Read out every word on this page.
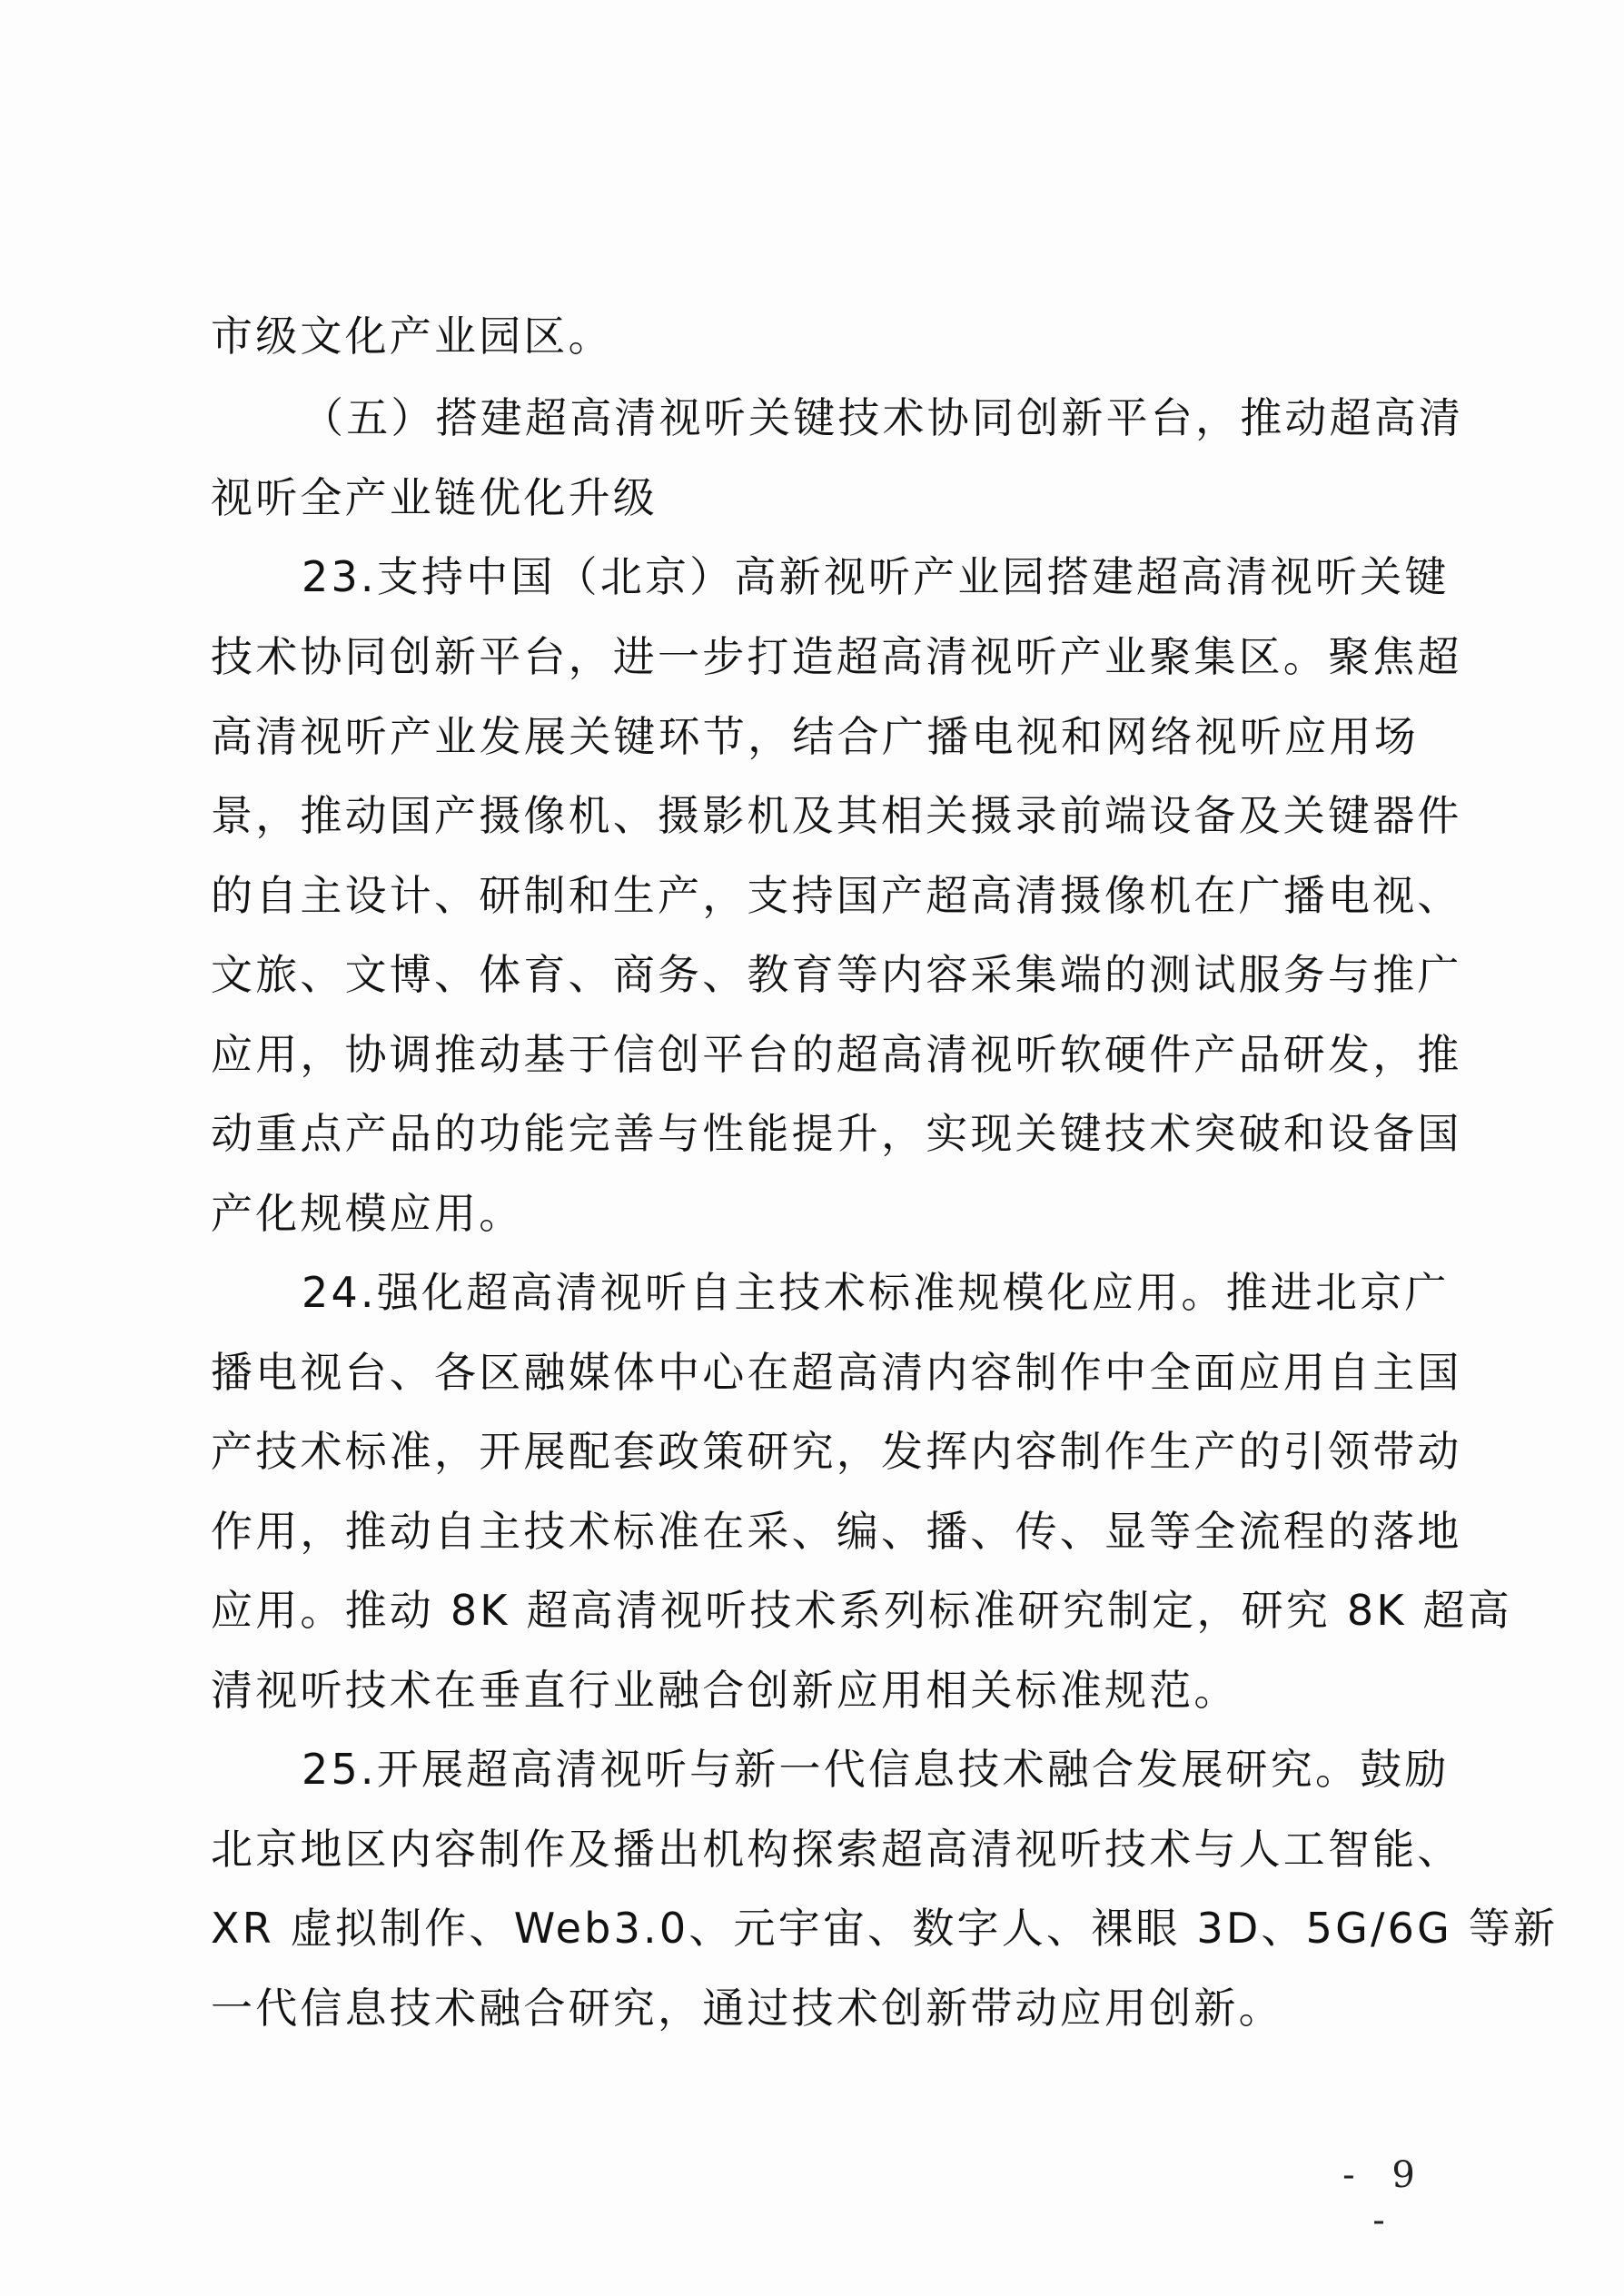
市级文化产业园区。
（五）搭建超高清视听关键技术协同创新平台，推动超高清
视听全产业链优化升级
23.支持中国（北京）高新视听产业园搭建超高清视听关键
技术协同创新平台，进一步打造超高清视听产业聚集区。聚焦超
高清视听产业发展关键环节，结合广播电视和网络视听应用场
景，推动国产摄像机、摄影机及其相关摄录前端设备及关键器件
的自主设计、研制和生产，支持国产超高清摄像机在广播电视、
文旅、文博、体育、商务、教育等内容采集端的测试服务与推广
应用，协调推动基于信创平台的超高清视听软硬件产品研发，推
动重点产品的功能完善与性能提升，实现关键技术突破和设备国
产化规模应用。
24.强化超高清视听自主技术标准规模化应用。推进北京广
播电视台、各区融媒体中心在超高清内容制作中全面应用自主国
产技术标准，开展配套政策研究，发挥内容制作生产的引领带动
作用，推动自主技术标准在采、编、播、传、显等全流程的落地
应用。推动 8K 超高清视听技术系列标准研究制定，研究 8K 超高
清视听技术在垂直行业融合创新应用相关标准规范。
25.开展超高清视听与新一代信息技术融合发展研究。鼓励
北京地区内容制作及播出机构探索超高清视听技术与人工智能、
XR 虚拟制作、Web3.0、元宇宙、数字人、裸眼 3D、5G/6G 等新
一代信息技术融合研究，通过技术创新带动应用创新。
- 9 -
